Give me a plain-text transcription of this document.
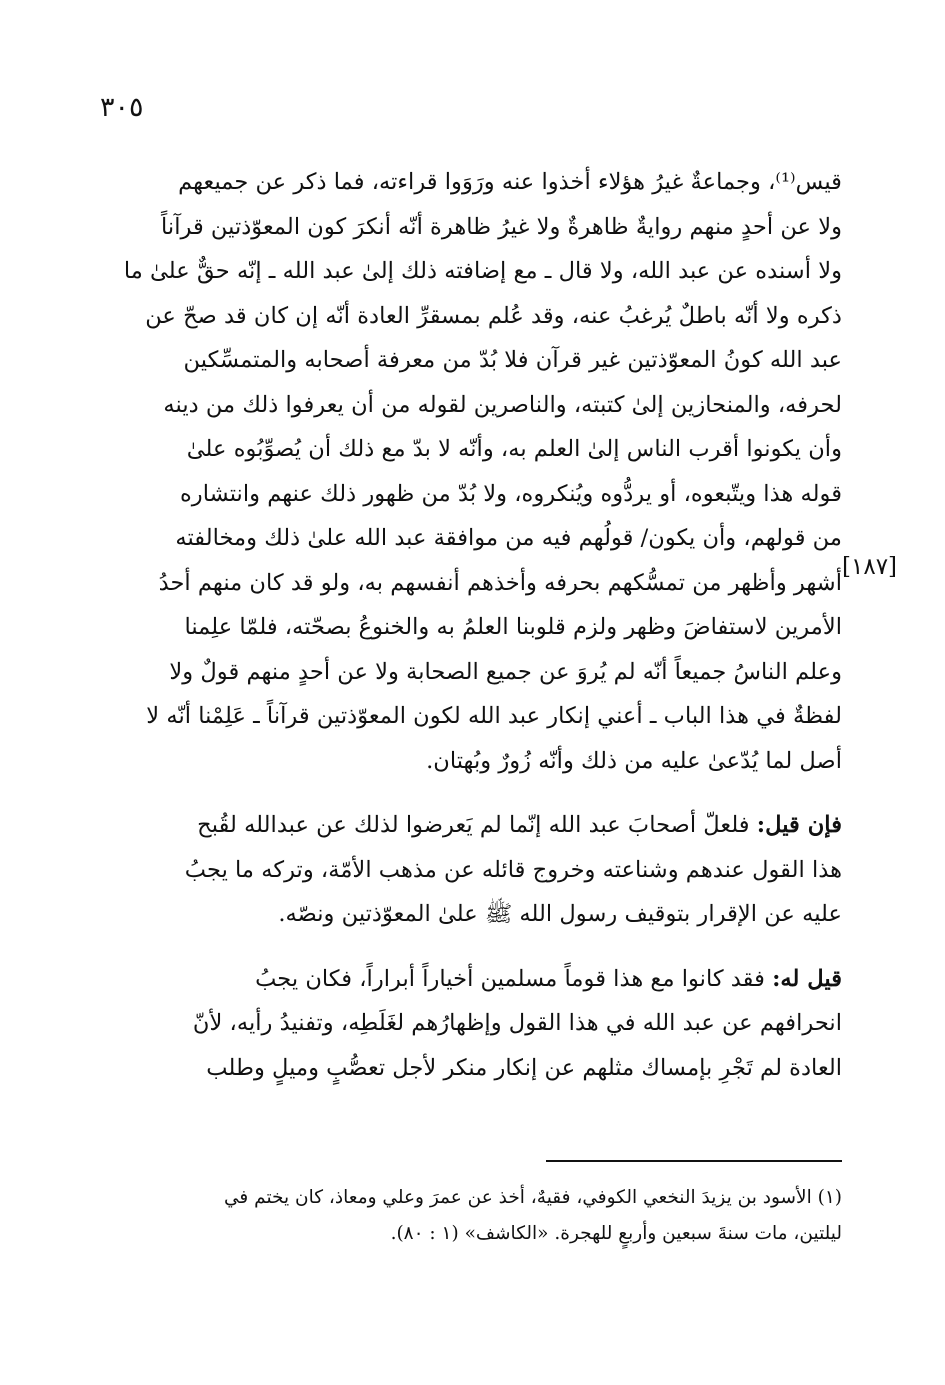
٣٠٥
[١٨٧]
قيس⁽¹⁾، وجماعةٌ غيرُ هؤلاء أخذوا عنه ورَوَوا قراءته، فما ذكر عن جميعهم
ولا عن أحدٍ منهم روايةٌ ظاهرةٌ ولا غيرُ ظاهرة أنّه أنكرَ كون المعوّذتين قرآناً
ولا أسنده عن عبد الله، ولا قال ـ مع إضافته ذلك إلىٰ عبد الله ـ إنّه حقٌّ علىٰ ما
ذكره ولا أنّه باطلٌ يُرغبُ عنه، وقد عُلم بمسقرِّ العادة أنّه إن كان قد صحّ عن
عبد الله كونُ المعوّذتين غير قرآن فلا بُدّ من معرفة أصحابه والمتمسِّكين
لحرفه، والمنحازين إلىٰ كتبته، والناصرين لقوله من أن يعرفوا ذلك من دينه
وأن يكونوا أقرب الناس إلىٰ العلم به، وأنّه لا بدّ مع ذلك أن يُصوِّبُوه علىٰ
قوله هذا ويتّبعوه، أو يردُّوه ويُنكروه، ولا بُدّ من ظهور ذلك عنهم وانتشاره
من قولهم، وأن يكون/ قولُهم فيه من موافقة عبد الله علىٰ ذلك ومخالفته
أشهر وأظهر من تمسُّكهم بحرفه وأخذهم أنفسهم به، ولو قد كان منهم أحدُ
الأمرين لاستفاضَ وظهر ولزم قلوبنا العلمُ به والخنوعُ بصحّته، فلمّا علِمنا
وعلم الناسُ جميعاً أنّه لم يُروَ عن جميع الصحابة ولا عن أحدٍ منهم قولٌ ولا
لفظةٌ في هذا الباب ـ أعني إنكار عبد الله لكون المعوّذتين قرآناً ـ عَلِمْنا أنّه لا
أصل لما يُدّعىٰ عليه من ذلك وأنّه زُورٌ وبُهتان.
فإن قيل: فلعلّ أصحابَ عبد الله إنّما لم يَعرضوا لذلك عن عبدالله لقُبح
هذا القول عندهم وشناعته وخروج قائله عن مذهب الأمّة، وتركه ما يجبُ
عليه عن الإقرار بتوقيف رسول الله ﷺ علىٰ المعوّذتين ونصّه.
قيل له: فقد كانوا مع هذا قوماً مسلمين أخياراً أبراراً، فكان يجبُ
انحرافهم عن عبد الله في هذا القول وإظهارُهم لغَلَطِه، وتفنيدُ رأيه، لأنّ
العادة لم تَجْرِ بإمساك مثلهم عن إنكار منكر لأجل تعصُّبٍ وميلٍ وطلب
(١) الأسود بن يزيدَ النخعي الكوفي، فقيهٌ، أخذ عن عمرَ وعلي ومعاذ، كان يختم في
ليلتين، مات سنةَ سبعين وأربعٍ للهجرة. «الكاشف» (١ : ٨٠).
